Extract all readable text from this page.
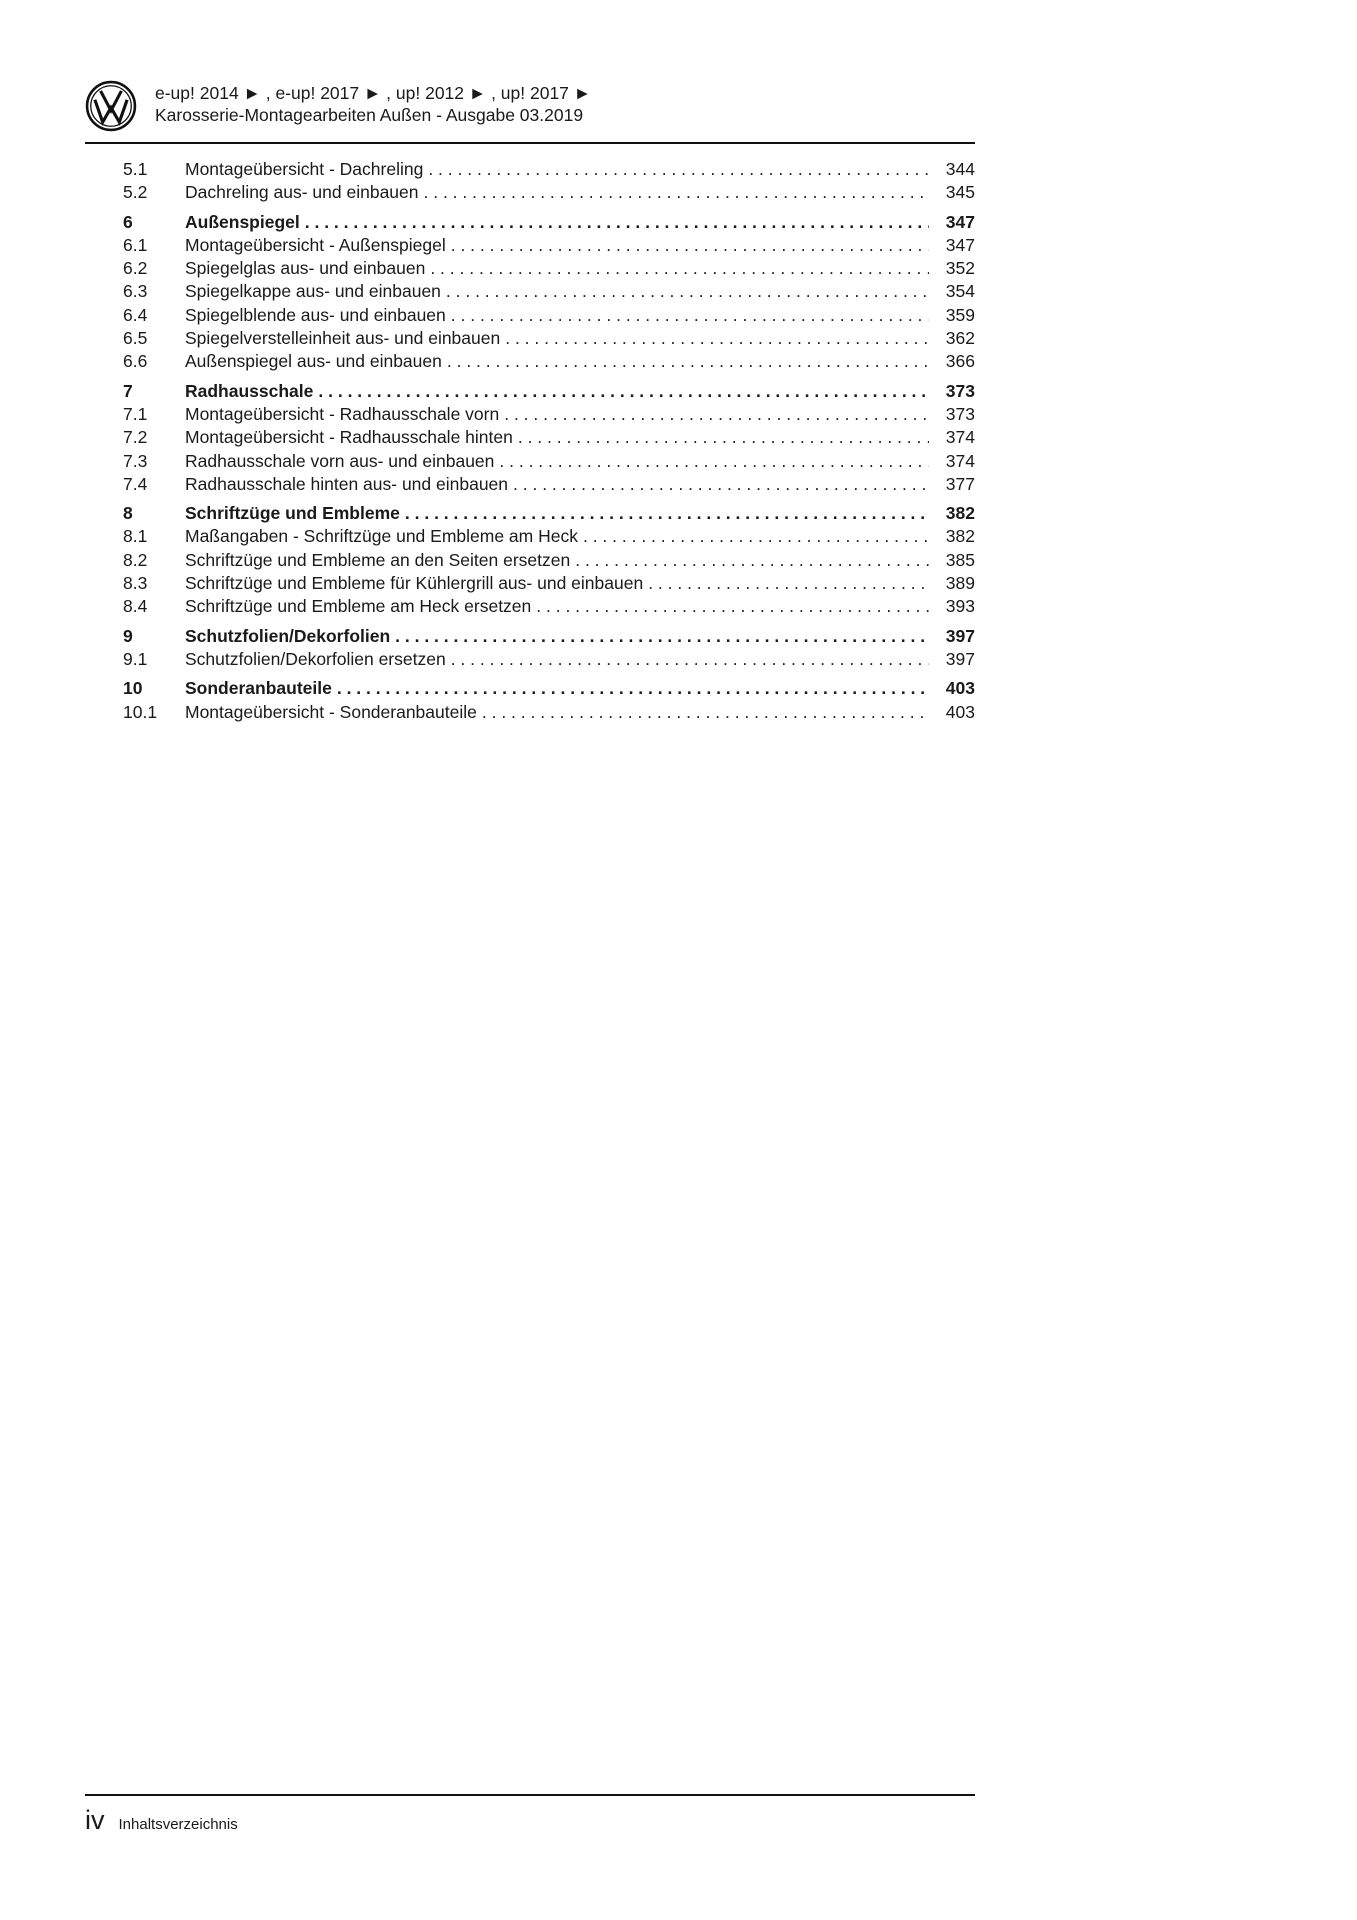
e-up! 2014 ► , e-up! 2017 ► , up! 2012 ► , up! 2017 ►
Karosserie-Montagearbeiten Außen - Ausgabe 03.2019
5.1	Montageübersicht - Dachreling . . .	344
5.2	Dachreling aus- und einbauen . . .	345
6	Außenspiegel . . .	347
6.1	Montageübersicht - Außenspiegel . . .	347
6.2	Spiegelglas aus- und einbauen . . .	352
6.3	Spiegelkappe aus- und einbauen . . .	354
6.4	Spiegelblende aus- und einbauen . . .	359
6.5	Spiegelverstelleinheit aus- und einbauen . . .	362
6.6	Außenspiegel aus- und einbauen . . .	366
7	Radhausschale . . .	373
7.1	Montageübersicht - Radhausschale vorn . . .	373
7.2	Montageübersicht - Radhausschale hinten . . .	374
7.3	Radhausschale vorn aus- und einbauen . . .	374
7.4	Radhausschale hinten aus- und einbauen . . .	377
8	Schriftzüge und Embleme . . .	382
8.1	Maßangaben - Schriftzüge und Embleme am Heck . . .	382
8.2	Schriftzüge und Embleme an den Seiten ersetzen . . .	385
8.3	Schriftzüge und Embleme für Kühlergrill aus- und einbauen . . .	389
8.4	Schriftzüge und Embleme am Heck ersetzen . . .	393
9	Schutzfolien/Dekorfolien . . .	397
9.1	Schutzfolien/Dekorfolien ersetzen . . .	397
10	Sonderanbauteile . . .	403
10.1	Montageübersicht - Sonderanbauteile . . .	403
iv Inhaltsverzeichnis
